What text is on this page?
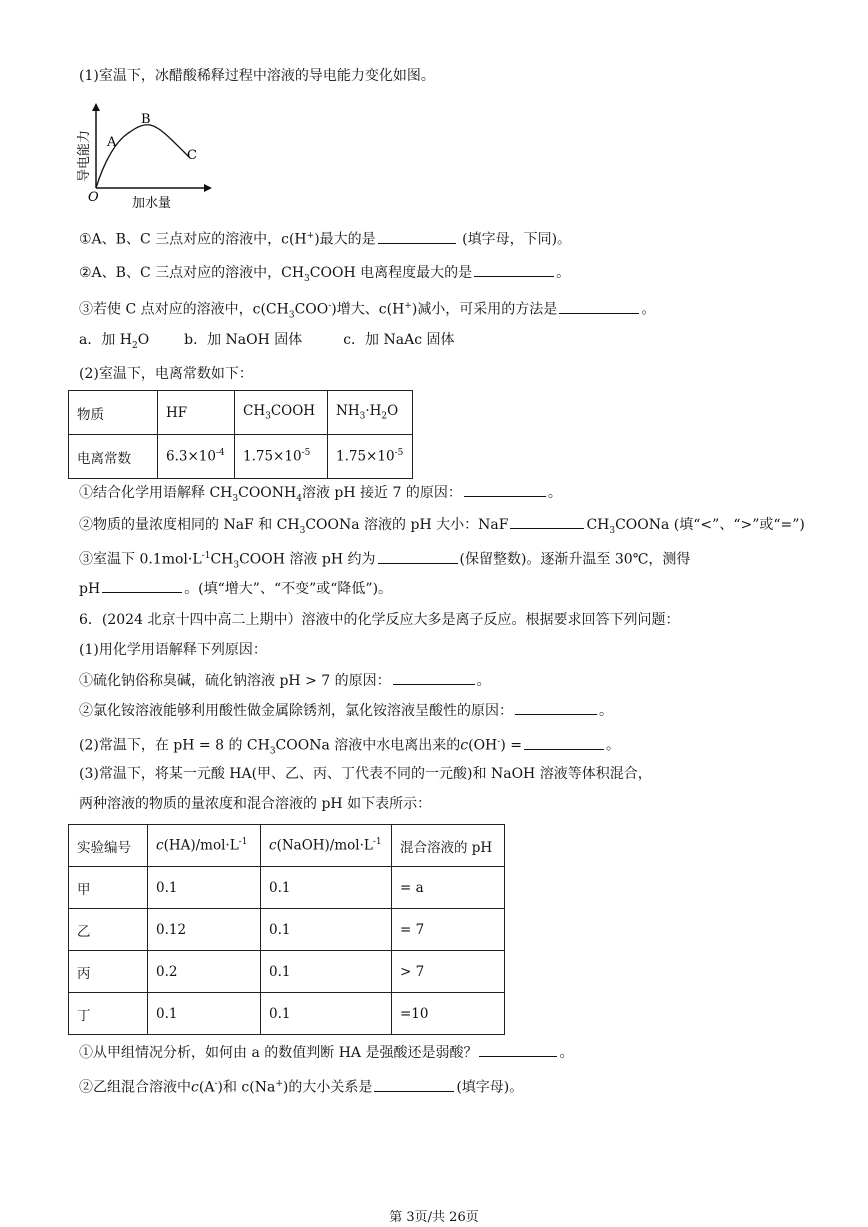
(1)室温下，冰醋酸稀释过程中溶液的导电能力变化如图。
导电能力
加水量
O
A
B
C
①A、B、C 三点对应的溶液中，c(H+)最大的是	(填字母，下同)。
②A、B、C 三点对应的溶液中，$CH_3COOH$ 电离程度最大的是	。
③若使 C 点对应的溶液中，$c(CH_3COO^-)$增大、c(H+)减小，可采用的方法是	。
a．加 $H_2O$ b．加 NaOH 固体	c．加 NaAc 固体
(2)室温下，电离常数如下：
物质	HF	$CH_3COOH$	$NH_3\cdot H_2O$
电离常数	$6.3\times 10^{-4}$	$1.75\times 10^{-5}$	$1.75\times 10^{-5}$
①结合化学用语解释 $CH_3COONH_4$溶液 pH 接近 7 的原因：	。
②物质的量浓度相同的 NaF 和 $CH_3COONa$ 溶液的 pH 大小：NaF	$CH_3COONa$ (填“<”、“>”或“=”)
③室温下 $0.1mol\cdot L^{-1}CH_3COOH$ 溶液 pH 约为	(保留整数)。逐渐升温至 30℃，测得
pH	。(填“增大”、“不变”或“降低”)。
6．(2024 北京十四中高二上期中）溶液中的化学反应大多是离子反应。根据要求回答下列问题：
(1)用化学用语解释下列原因：
①硫化钠俗称臭碱，硫化钠溶液 pH > 7 的原因：	。
②氯化铵溶液能够利用酸性做金属除锈剂，氯化铵溶液呈酸性的原因：	。
(2)常温下，在 pH = 8 的 $CH_3COONa$ 溶液中水电离出来的c(OH-) =	。
(3)常温下，将某一元酸 HA(甲、乙、丙、丁代表不同的一元酸)和 NaOH 溶液等体积混合，
两种溶液的物质的量浓度和混合溶液的 pH 如下表所示：
实验编号	$c(HA)/mol\cdot L^{-1}$	$c(NaOH)/mol\cdot L^{-1}$	混合溶液的 pH
甲	0.1	0.1	= a
乙	0.12	0.1	= 7
丙	0.2	0.1	> 7
丁	0.1	0.1	=10
①从甲组情况分析，如何由 a 的数值判断 HA 是强酸还是弱酸？	。
②乙组混合溶液中c(A-)和 c(Na+)的大小关系是	(填字母)。
第 3页/共 26页
